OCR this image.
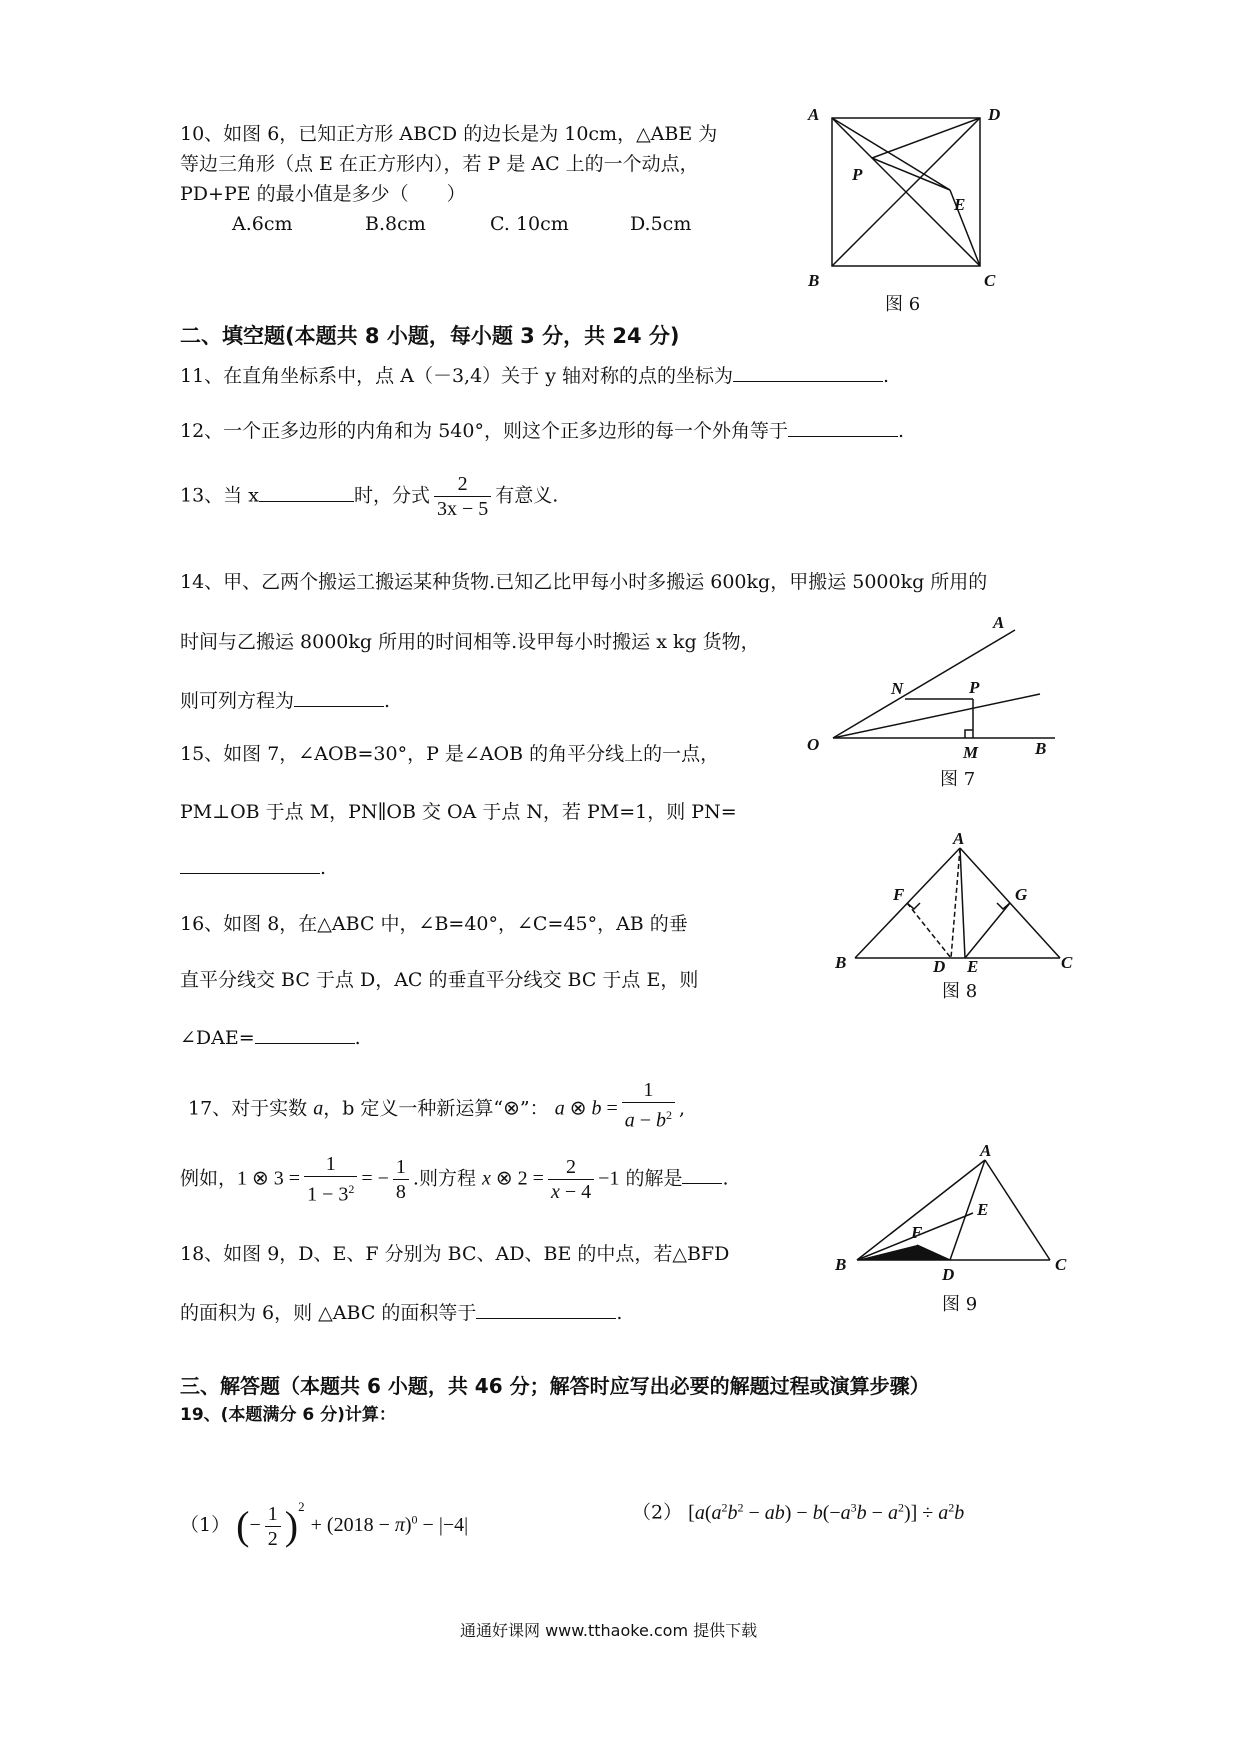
10、如图 6，已知正方形 ABCD 的边长是为 10cm，△ABE 为
等边三角形（点 E 在正方形内），若 P 是 AC 上的一个动点，
PD+PE 的最小值是多少（　　）
A.6cm	B.8cm	C. 10cm	D.5cm
A	D
P
E
B	C
图 6
二、填空题(本题共 8 小题，每小题 3 分，共 24 分)
11、在直角坐标系中，点 A（－3,4）关于 y 轴对称的点的坐标为	.
12、一个正多边形的内角和为 540°，则这个正多边形的每一个外角等于	.
13、当 x	时，分式 $\frac{2}{3x - 5}$ 有意义.
14、甲、乙两个搬运工搬运某种货物.已知乙比甲每小时多搬运 600kg，甲搬运 5000kg 所用的
时间与乙搬运 8000kg 所用的时间相等.设甲每小时搬运 x kg 货物，
则可列方程为	.
A
N	P
O	M	B
图 7
15、如图 7，∠AOB=30°，P 是∠AOB 的角平分线上的一点，
PM⊥OB 于点 M，PN∥OB 交 OA 于点 N，若 PM=1，则 PN=
.
A
F	G
B	D E	C
图 8
16、如图 8，在△ABC 中，∠B=40°，∠C=45°，AB 的垂
直平分线交 BC 于点 D，AC 的垂直平分线交 BC 于点 E，则
∠DAE=	.
17、对于实数 a，b 定义一种新运算“⊗”： a ⊗ $b = \frac{1}{a - b^2}$ ,
例如，1 ⊗ $3 = \frac{1}{1 - 3^2}$ = − $\frac{1}{8}$ .则方程 x ⊗ $2 = \frac{2}{x - 4} -1$ 的解是 .
A
F
E
B
D
C
图 9
18、如图 9，D、E、F 分别为 BC、AD、BE 的中点，若△BFD
的面积为 6，则 △ABC 的面积等于	.
三、解答题（本题共 6 小题，共 46 分；解答时应写出必要的解题过程或演算步骤）
19、(本题满分 6 分)计算：
（1） (− $\frac{1}{2} )^2 + (2018 - \pi)^0 - |-4|$
（2） $[a(a^2b^2 - ab) - b(-a^3b - a^2)] \div a^2b$
通通好课网 www.tthaoke.com 提供下载
